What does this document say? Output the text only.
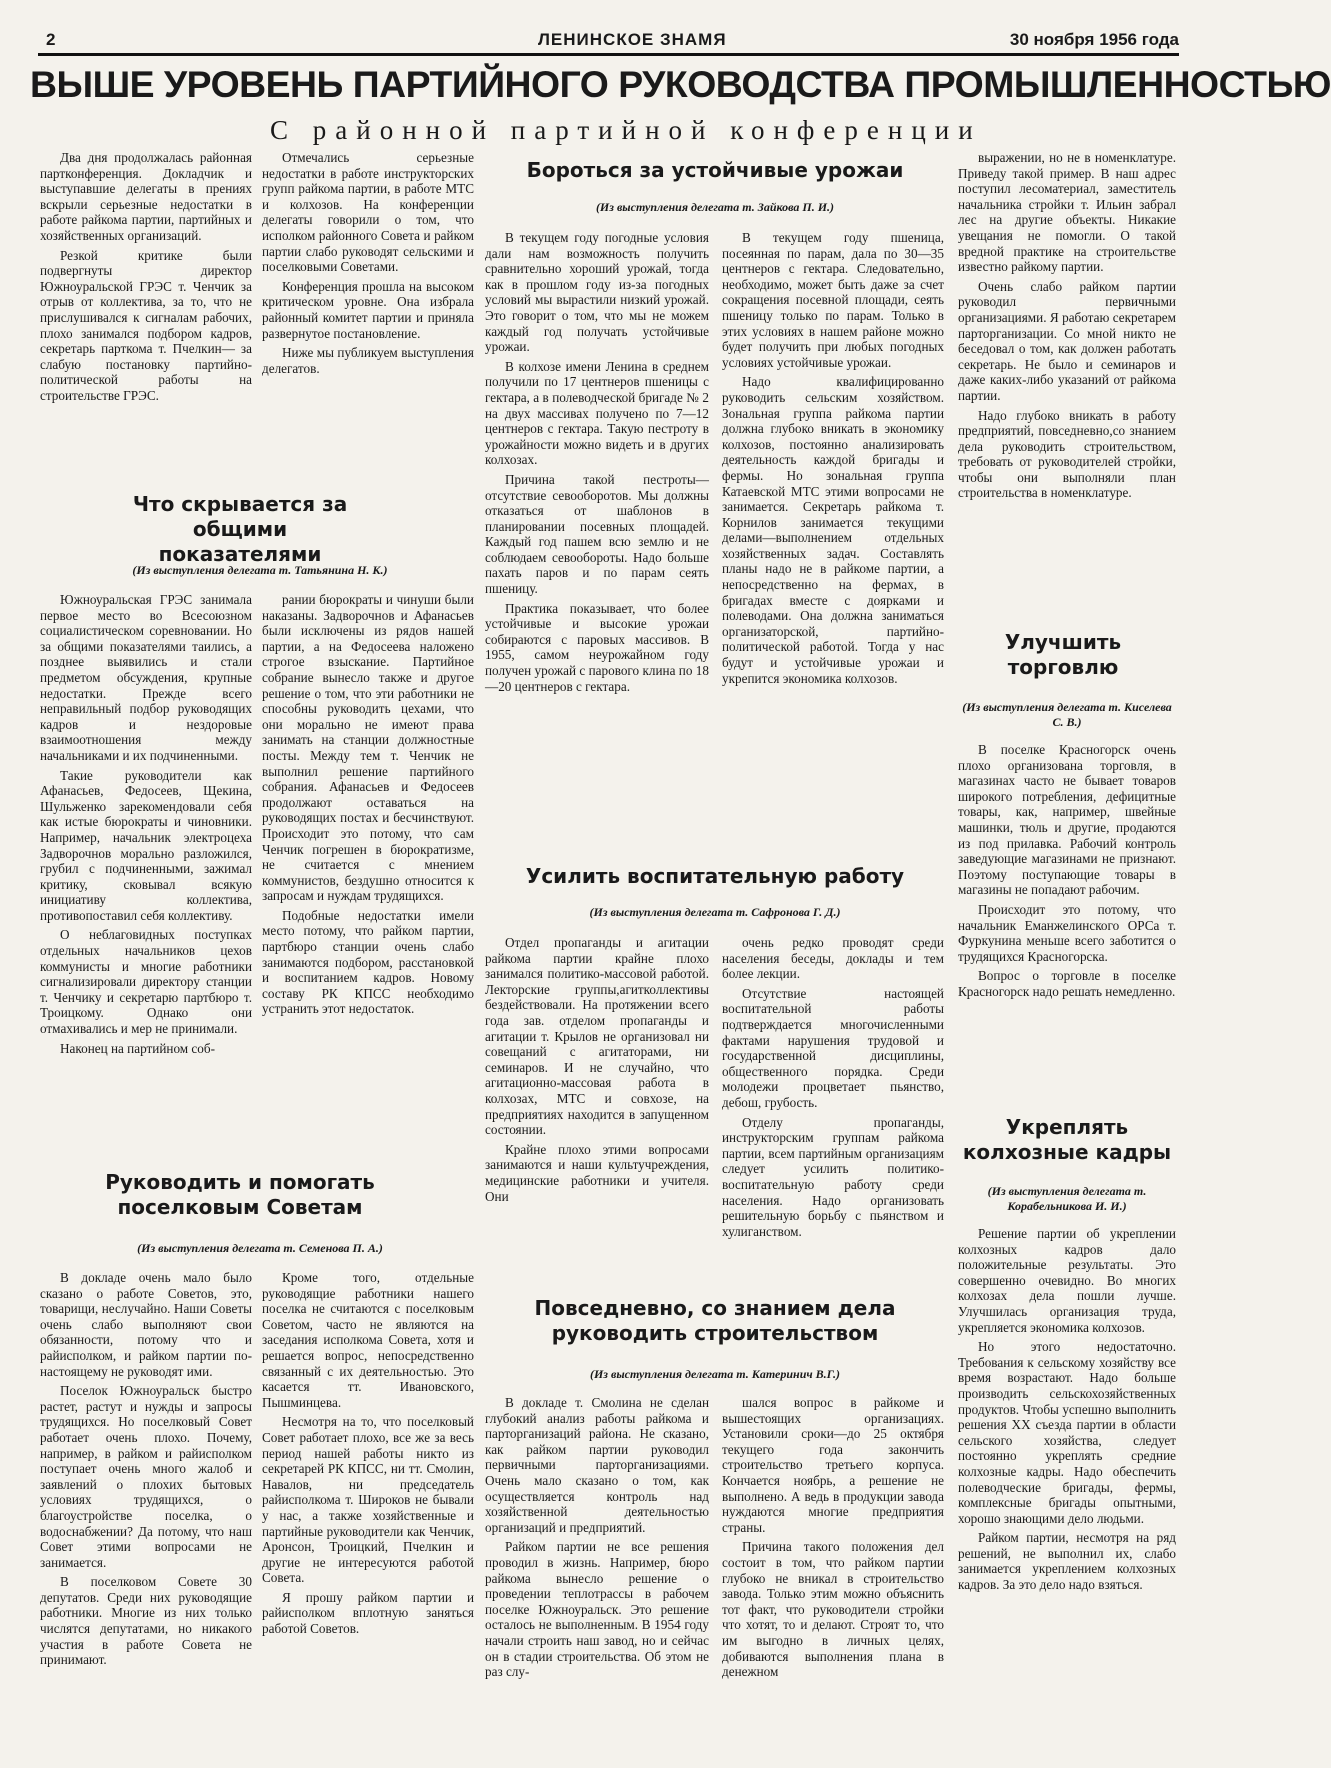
2	ЛЕНИНСКОЕ ЗНАМЯ	30 ноября 1956 года
ВЫШЕ УРОВЕНЬ ПАРТИЙНОГО РУКОВОДСТВА ПРОМЫШЛЕННОСТЬЮ
С районной партийной конференции

Два дня продолжалась районная партконференция. Докладчик и выступавшие делегаты в прениях вскрыли серьезные недостатки в работе райкома партии, партийных и хозяйственных организаций.

Резкой критике были подвергнуты директор Южноуральской ГРЭС т. Ченчик за отрыв от коллектива, за то, что не прислушивался к сигналам рабочих, плохо занимался подбором кадров, секретарь парткома т. Пчелкин— за слабую постановку партийно-политической работы на строительстве ГРЭС.

Отмечались серьезные недостатки в работе инструкторских групп райкома партии, в работе МТС и колхозов. На конференции делегаты говорили о том, что исполком районного Совета и райком партии слабо руководят сельскими и поселковыми Советами.

Конференция прошла на высоком критическом уровне. Она избрала районный комитет партии и приняла развернутое постановление.

Ниже мы публикуем выступления делегатов.

Что скрывается за общими показателями
(Из выступления делегата т. Татьянина Н. К.)

Южноуральская ГРЭС занимала первое место во Всесоюзном социалистическом соревновании. Но за общими показателями таились, а позднее выявились и стали предметом обсуждения, крупные недостатки. Прежде всего неправильный подбор руководящих кадров и нездоровые взаимоотношения между начальниками и их подчиненными.

Такие руководители как Афанасьев, Федосеев, Щекина, Шульженко зарекомендовали себя как истые бюрократы и чиновники. Например, начальник электроцеха Задворочнов морально разложился, грубил с подчиненными, зажимал критику, сковывал всякую инициативу коллектива, противопоставил себя коллективу.

О неблаговидных поступках отдельных начальников цехов коммунисты и многие работники сигнализировали директору станции т. Ченчику и секретарю партбюро т. Троицкому. Однако они отмахивались и мер не принимали.

Наконец на партийном соб-

рании бюрократы и чинуши были наказаны. Задворочнов и Афанасьев были исключены из рядов нашей партии, а на Федосеева наложено строгое взыскание. Партийное собрание вынесло также и другое решение о том, что эти работники не способны руководить цехами, что они морально не имеют права занимать на станции должностные посты. Между тем т. Ченчик не выполнил решение партийного собрания. Афанасьев и Федосеев продолжают оставаться на руководящих постах и бесчинствуют. Происходит это потому, что сам Ченчик погрешен в бюрократизме, не считается с мнением коммунистов, бездушно относится к запросам и нуждам трудящихся.

Подобные недостатки имели место потому, что райком партии, партбюро станции очень слабо занимаются подбором, расстановкой и воспитанием кадров. Новому составу РК КПСС необходимо устранить этот недостаток.

Руководить и помогать поселковым Советам
(Из выступления делегата т. Семенова П. А.)

В докладе очень мало было сказано о работе Советов, это, товарищи, неслучайно. Наши Советы очень слабо выполняют свои обязанности, потому что и райисполком, и райком партии по-настоящему не руководят ими.

Поселок Южноуральск быстро растет, растут и нужды и запросы трудящихся. Но поселковый Совет работает очень плохо. Почему, например, в райком и райисполком поступает очень много жалоб и заявлений о плохих бытовых условиях трудящихся, о благоустройстве поселка, о водоснабжении? Да потому, что наш Совет этими вопросами не занимается.

В поселковом Совете 30 депутатов. Среди них руководящие работники. Многие из них только числятся депутатами, но никакого участия в работе Совета не принимают.

Кроме того, отдельные руководящие работники нашего поселка не считаются с поселковым Советом, часто не являются на заседания исполкома Совета, хотя и решается вопрос, непосредственно связанный с их деятельностью. Это касается тт. Ивановского, Пышминцева.

Несмотря на то, что поселковый Совет работает плохо, все же за весь период нашей работы никто из секретарей РК КПСС, ни тт. Смолин, Навалов, ни председатель райисполкома т. Широков не бывали у нас, а также хозяйственные и партийные руководители как Ченчик, Аронсон, Троицкий, Пчелкин и другие не интересуются работой Совета.

Я прошу райком партии и райисполком вплотную заняться работой Советов.

Бороться за устойчивые урожаи
(Из выступления делегата т. Зайкова П. И.)

В текущем году погодные условия дали нам возможность получить сравнительно хороший урожай, тогда как в прошлом году из-за погодных условий мы вырастили низкий урожай. Это говорит о том, что мы не можем каждый год получать устойчивые урожаи.

В колхозе имени Ленина в среднем получили по 17 центнеров пшеницы с гектара, а в полеводческой бригаде № 2 на двух массивах получено по 7—12 центнеров с гектара. Такую пестроту в урожайности можно видеть и в других колхозах.

Причина такой пестроты— отсутствие севооборотов. Мы должны отказаться от шаблонов в планировании посевных площадей. Каждый год пашем всю землю и не соблюдаем севообороты. Надо больше пахать паров и по парам сеять пшеницу.

Практика показывает, что более устойчивые и высокие урожаи собираются с паровых массивов. В 1955, самом неурожайном году получен урожай с парового клина по 18—20 центнеров с гектара.

В текущем году пшеница, посеянная по парам, дала по 30—35 центнеров с гектара. Следовательно, необходимо, может быть даже за счет сокращения посевной площади, сеять пшеницу только по парам. Только в этих условиях в нашем районе можно будет получить при любых погодных условиях устойчивые урожаи.

Надо квалифицированно руководить сельским хозяйством. Зональная группа райкома партии должна глубоко вникать в экономику колхозов, постоянно анализировать деятельность каждой бригады и фермы. Но зональная группа Катаевской МТС этими вопросами не занимается. Секретарь райкома т. Корнилов занимается текущими делами—выполнением отдельных хозяйственных задач. Составлять планы надо не в райкоме партии, а непосредственно на фермах, в бригадах вместе с доярками и полеводами. Она должна заниматься организаторской, партийно-политической работой. Тогда у нас будут и устойчивые урожаи и укрепится экономика колхозов.

Усилить воспитательную работу
(Из выступления делегата т. Сафронова Г. Д.)

Отдел пропаганды и агитации райкома партии крайне плохо занимался политико-массовой работой. Лекторские группы,агитколлективы бездействовали. На протяжении всего года зав. отделом пропаганды и агитации т. Крылов не организовал ни совещаний с агитаторами, ни семинаров. И не случайно, что агитационно-массовая работа в колхозах, МТС и совхозе, на предприятиях находится в запущенном состоянии.

Крайне плохо этими вопросами занимаются и наши культучреждения, медицинские работники и учителя. Они

очень редко проводят среди населения беседы, доклады и тем более лекции.

Отсутствие настоящей воспитательной работы подтверждается многочисленными фактами нарушения трудовой и государственной дисциплины, общественного порядка. Среди молодежи процветает пьянство, дебош, грубость.

Отделу пропаганды, инструкторским группам райкома партии, всем партийным организациям следует усилить политико-воспитательную работу среди населения. Надо организовать решительную борьбу с пьянством и хулиганством.

Повседневно, со знанием дела руководить строительством
(Из выступления делегата т. Катеринич В.Г.)

В докладе т. Смолина не сделан глубокий анализ работы райкома и парторганизаций района. Не сказано, как райком партии руководил первичными парторганизациями. Очень мало сказано о том, как осуществляется контроль над хозяйственной деятельностью организаций и предприятий.

Райком партии не все решения проводил в жизнь. Например, бюро райкома вынесло решение о проведении теплотрассы в рабочем поселке Южноуральск. Это решение осталось не выполненным. В 1954 году начали строить наш завод, но и сейчас он в стадии строительства. Об этом не раз слу-

шался вопрос в райкоме и вышестоящих организациях. Установили сроки—до 25 октября текущего года закончить строительство третьего корпуса. Кончается ноябрь, а решение не выполнено. А ведь в продукции завода нуждаются многие предприятия страны.

Причина такого положения дел состоит в том, что райком партии глубоко не вникал в строительство завода. Только этим можно объяснить тот факт, что руководители стройки что хотят, то и делают. Строят то, что им выгодно в личных целях, добиваются выполнения плана в денежном

выражении, но не в номенклатуре. Приведу такой пример. В наш адрес поступил лесоматериал, заместитель начальника стройки т. Ильин забрал лес на другие объекты. Никакие увещания не помогли. О такой вредной практике на строительстве известно райкому партии.

Очень слабо райком партии руководил первичными организациями. Я работаю секретарем парторганизации. Со мной никто не беседовал о том, как должен работать секретарь. Не было и семинаров и даже каких-либо указаний от райкома партии.

Надо глубоко вникать в работу предприятий, повседневно,со знанием дела руководить строительством, требовать от руководителей стройки, чтобы они выполняли план строительства в номенклатуре.

Улучшить торговлю
(Из выступления делегата т. Киселева С. В.)

В поселке Красногорск очень плохо организована торговля, в магазинах часто не бывает товаров широкого потребления, дефицитные товары, как, например, швейные машинки, тюль и другие, продаются из под прилавка. Рабочий контроль заведующие магазинами не признают. Поэтому поступающие товары в магазины не попадают рабочим.

Происходит это потому, что начальник Еманжелинского ОРСа т. Фуркунина меньше всего заботится о трудящихся Красногорска.

Вопрос о торговле в поселке Красногорск надо решать немедленно.

Укреплять колхозные кадры
(Из выступления делегата т. Корабельникова И. И.)

Решение партии об укреплении колхозных кадров дало положительные результаты. Это совершенно очевидно. Во многих колхозах дела пошли лучше. Улучшилась организация труда, укрепляется экономика колхозов.

Но этого недостаточно. Требования к сельскому хозяйству все время возрастают. Надо больше производить сельскохозяйственных продуктов. Чтобы успешно выполнить решения XX съезда партии в области сельского хозяйства, следует постоянно укреплять средние колхозные кадры. Надо обеспечить полеводческие бригады, фермы, комплексные бригады опытными, хорошо знающими дело людьми.

Райком партии, несмотря на ряд решений, не выполнил их, слабо занимается укреплением колхозных кадров. За это дело надо взяться.
